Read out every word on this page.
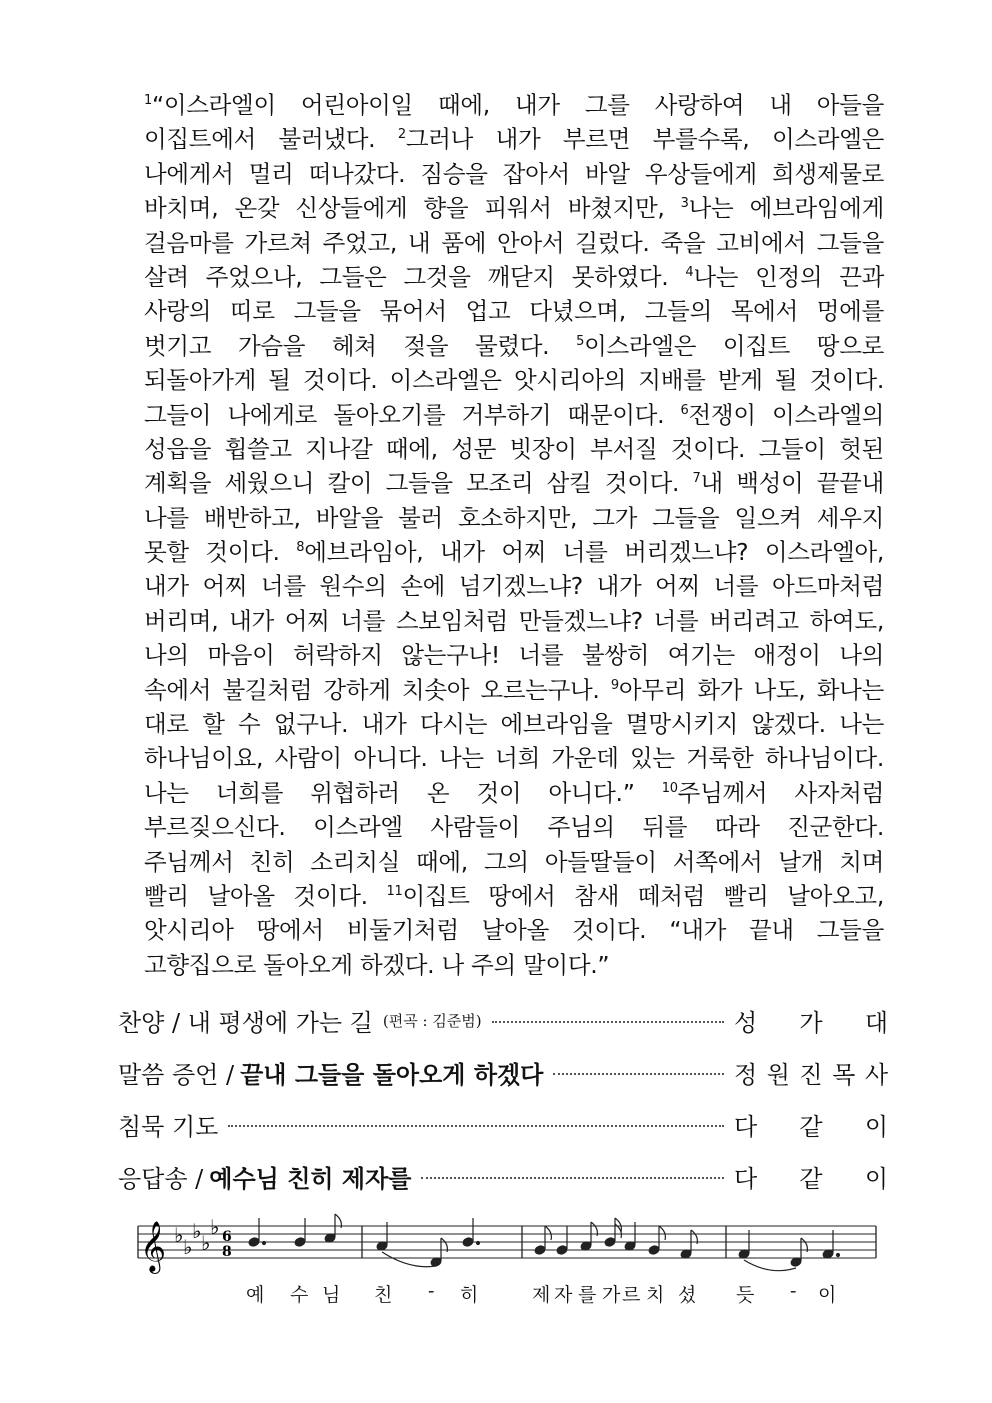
$^1$“이스라엘이 어린아이일 때에, 내가 그를 사랑하여 내 아들을
이집트에서 불러냈다. $^2$그러나 내가 부르면 부를수록, 이스라엘은
나에게서 멀리 떠나갔다. 짐승을 잡아서 바알 우상들에게 희생제물로
바치며, 온갖 신상들에게 향을 피워서 바쳤지만, $^3$나는 에브라임에게
걸음마를 가르쳐 주었고, 내 품에 안아서 길렀다. 죽을 고비에서 그들을
살려 주었으나, 그들은 그것을 깨닫지 못하였다. $^4$나는 인정의 끈과
사랑의 띠로 그들을 묶어서 업고 다녔으며, 그들의 목에서 멍에를
벗기고 가슴을 헤쳐 젖을 물렸다. $^5$이스라엘은 이집트 땅으로
되돌아가게 될 것이다. 이스라엘은 앗시리아의 지배를 받게 될 것이다.
그들이 나에게로 돌아오기를 거부하기 때문이다. $^6$전쟁이 이스라엘의
성읍을 휩쓸고 지나갈 때에, 성문 빗장이 부서질 것이다. 그들이 헛된
계획을 세웠으니 칼이 그들을 모조리 삼킬 것이다. $^7$내 백성이 끝끝내
나를 배반하고, 바알을 불러 호소하지만, 그가 그들을 일으켜 세우지
못할 것이다. $^8$에브라임아, 내가 어찌 너를 버리겠느냐? 이스라엘아,
내가 어찌 너를 원수의 손에 넘기겠느냐? 내가 어찌 너를 아드마처럼
버리며, 내가 어찌 너를 스보임처럼 만들겠느냐? 너를 버리려고 하여도,
나의 마음이 허락하지 않는구나! 너를 불쌍히 여기는 애정이 나의
속에서 불길처럼 강하게 치솟아 오르는구나. $^9$아무리 화가 나도, 화나는
대로 할 수 없구나. 내가 다시는 에브라임을 멸망시키지 않겠다. 나는
하나님이요, 사람이 아니다. 나는 너희 가운데 있는 거룩한 하나님이다.
나는 너희를 위협하러 온 것이 아니다.” $^{10}$주님께서 사자처럼
부르짖으신다. 이스라엘 사람들이 주님의 뒤를 따라 진군한다.
주님께서 친히 소리치실 때에, 그의 아들딸들이 서쪽에서 날개 치며
빨리 날아올 것이다. $^{11}$이집트 땅에서 참새 떼처럼 빨리 날아오고,
앗시리아 땅에서 비둘기처럼 날아올 것이다. “내가 끝내 그들을
고향집으로 돌아오게 하겠다. 나 주의 말이다.”
찬양 / 내 평생에 가는 길 (편곡 : 김준범)	성 가 대
말씀 증언 / 끝내 그들을 돌아오게 하겠다	정 원 진 목 사
침묵 기도	다 같 이
응답송 / 예수님 친히 제자를	다 같 이
𝄞 ♭ ♭
♭ ♭
♭ 6
8
예 수 님 친 - 히	제 자 를 가 르 치 셨 듯 - 이
